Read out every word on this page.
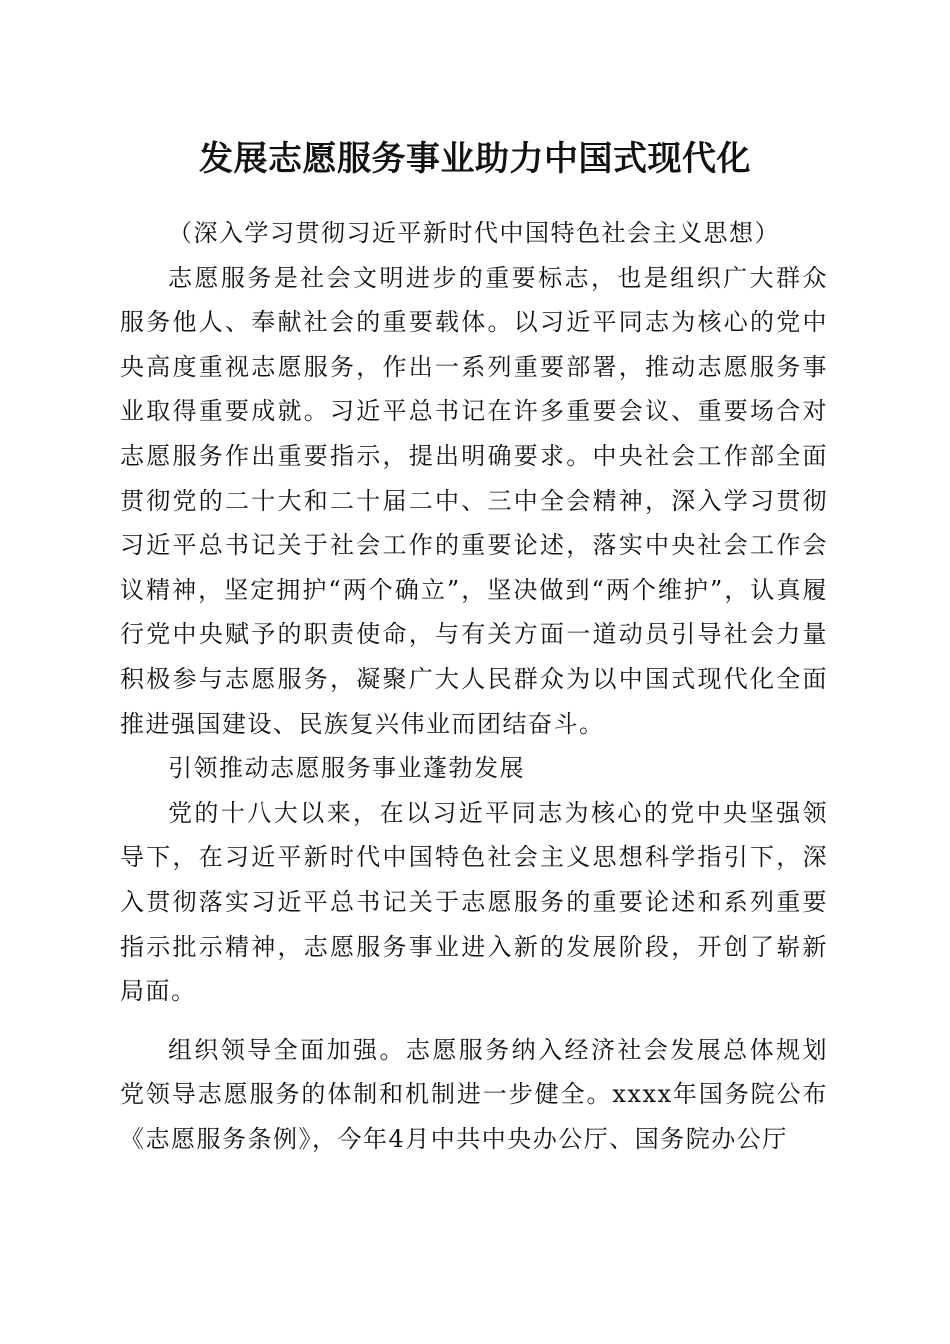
发展志愿服务事业助力中国式现代化

（深入学习贯彻习近平新时代中国特色社会主义思想）

志愿服务是社会文明进步的重要标志，也是组织广大群众服务他人、奉献社会的重要载体。以习近平同志为核心的党中央高度重视志愿服务，作出一系列重要部署，推动志愿服务事业取得重要成就。习近平总书记在许多重要会议、重要场合对志愿服务作出重要指示，提出明确要求。中央社会工作部全面贯彻党的二十大和二十届二中、三中全会精神，深入学习贯彻习近平总书记关于社会工作的重要论述，落实中央社会工作会议精神，坚定拥护“两个确立”，坚决做到“两个维护”，认真履行党中央赋予的职责使命，与有关方面一道动员引导社会力量积极参与志愿服务，凝聚广大人民群众为以中国式现代化全面推进强国建设、民族复兴伟业而团结奋斗。

引领推动志愿服务事业蓬勃发展

党的十八大以来，在以习近平同志为核心的党中央坚强领导下，在习近平新时代中国特色社会主义思想科学指引下，深入贯彻落实习近平总书记关于志愿服务的重要论述和系列重要指示批示精神，志愿服务事业进入新的发展阶段，开创了崭新局面。

组织领导全面加强。志愿服务纳入经济社会发展总体规划党领导志愿服务的体制和机制进一步健全。xxxx年国务院公布《志愿服务条例》，今年4月中共中央办公厅、国务院办公厅
